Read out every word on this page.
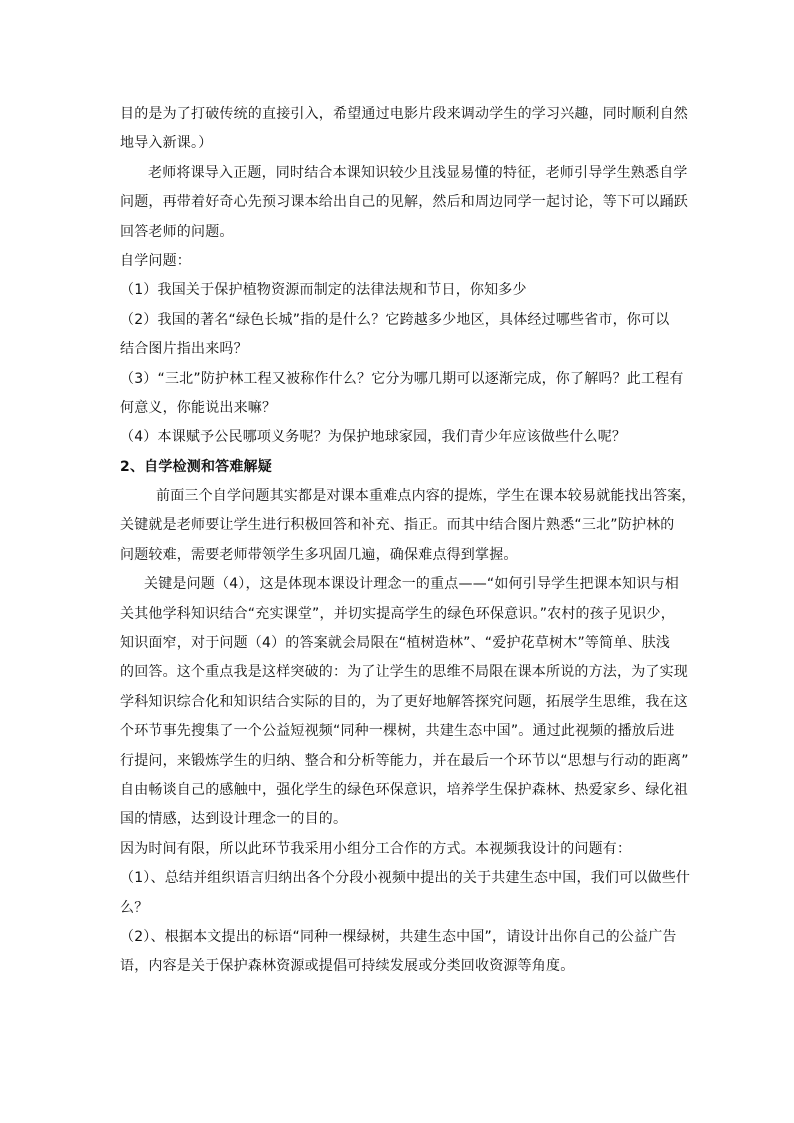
目的是为了打破传统的直接引入，希望通过电影片段来调动学生的学习兴趣，同时顺利自然
地导入新课。）
老师将课导入正题，同时结合本课知识较少且浅显易懂的特征，老师引导学生熟悉自学
问题，再带着好奇心先预习课本给出自己的见解，然后和周边同学一起讨论，等下可以踊跃
回答老师的问题。
自学问题：
（1）我国关于保护植物资源而制定的法律法规和节日，你知多少
（2）我国的著名“绿色长城”指的是什么？它跨越多少地区，具体经过哪些省市，你可以
结合图片指出来吗？
（3）“三北”防护林工程又被称作什么？它分为哪几期可以逐渐完成，你了解吗？此工程有
何意义，你能说出来嘛？
（4）本课赋予公民哪项义务呢？为保护地球家园，我们青少年应该做些什么呢？
2、自学检测和答难解疑
前面三个自学问题其实都是对课本重难点内容的提炼，学生在课本较易就能找出答案，
关键就是老师要让学生进行积极回答和补充、指正。而其中结合图片熟悉“三北”防护林的
问题较难，需要老师带领学生多巩固几遍，确保难点得到掌握。
关键是问题（4），这是体现本课设计理念一的重点——“如何引导学生把课本知识与相
关其他学科知识结合“充实课堂”，并切实提高学生的绿色环保意识。”农村的孩子见识少，
知识面窄，对于问题（4）的答案就会局限在“植树造林”、“爱护花草树木”等简单、肤浅
的回答。这个重点我是这样突破的：为了让学生的思维不局限在课本所说的方法，为了实现
学科知识综合化和知识结合实际的目的，为了更好地解答探究问题，拓展学生思维，我在这
个环节事先搜集了一个公益短视频“同种一棵树，共建生态中国”。通过此视频的播放后进
行提问，来锻炼学生的归纳、整合和分析等能力，并在最后一个环节以“思想与行动的距离”
自由畅谈自己的感触中，强化学生的绿色环保意识，培养学生保护森林、热爱家乡、绿化祖
国的情感，达到设计理念一的目的。
因为时间有限，所以此环节我采用小组分工合作的方式。本视频我设计的问题有：
（1）、总结并组织语言归纳出各个分段小视频中提出的关于共建生态中国，我们可以做些什
么？
（2）、根据本文提出的标语“同种一棵绿树，共建生态中国”，请设计出你自己的公益广告
语，内容是关于保护森林资源或提倡可持续发展或分类回收资源等角度。
